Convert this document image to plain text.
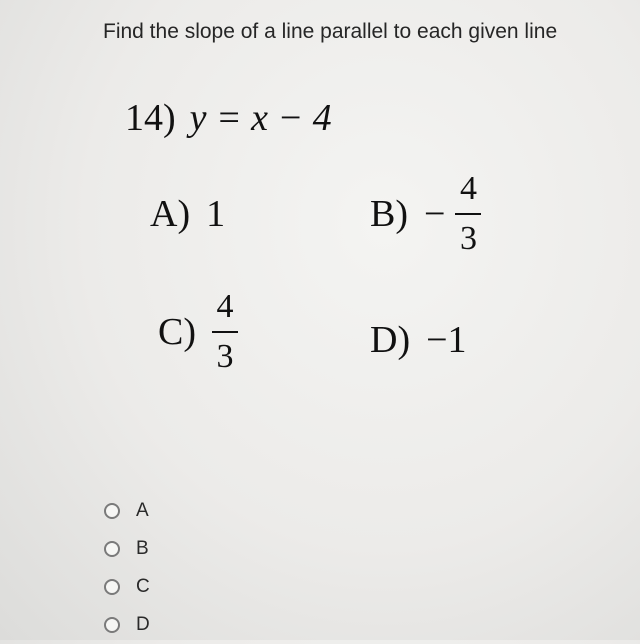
Find the slope of a line parallel to each given line
14) y = x − 4
A) 1	$B) - \frac{4}{3}$
$C) \frac{4}{3}$	D) −1
A
B
C
D
